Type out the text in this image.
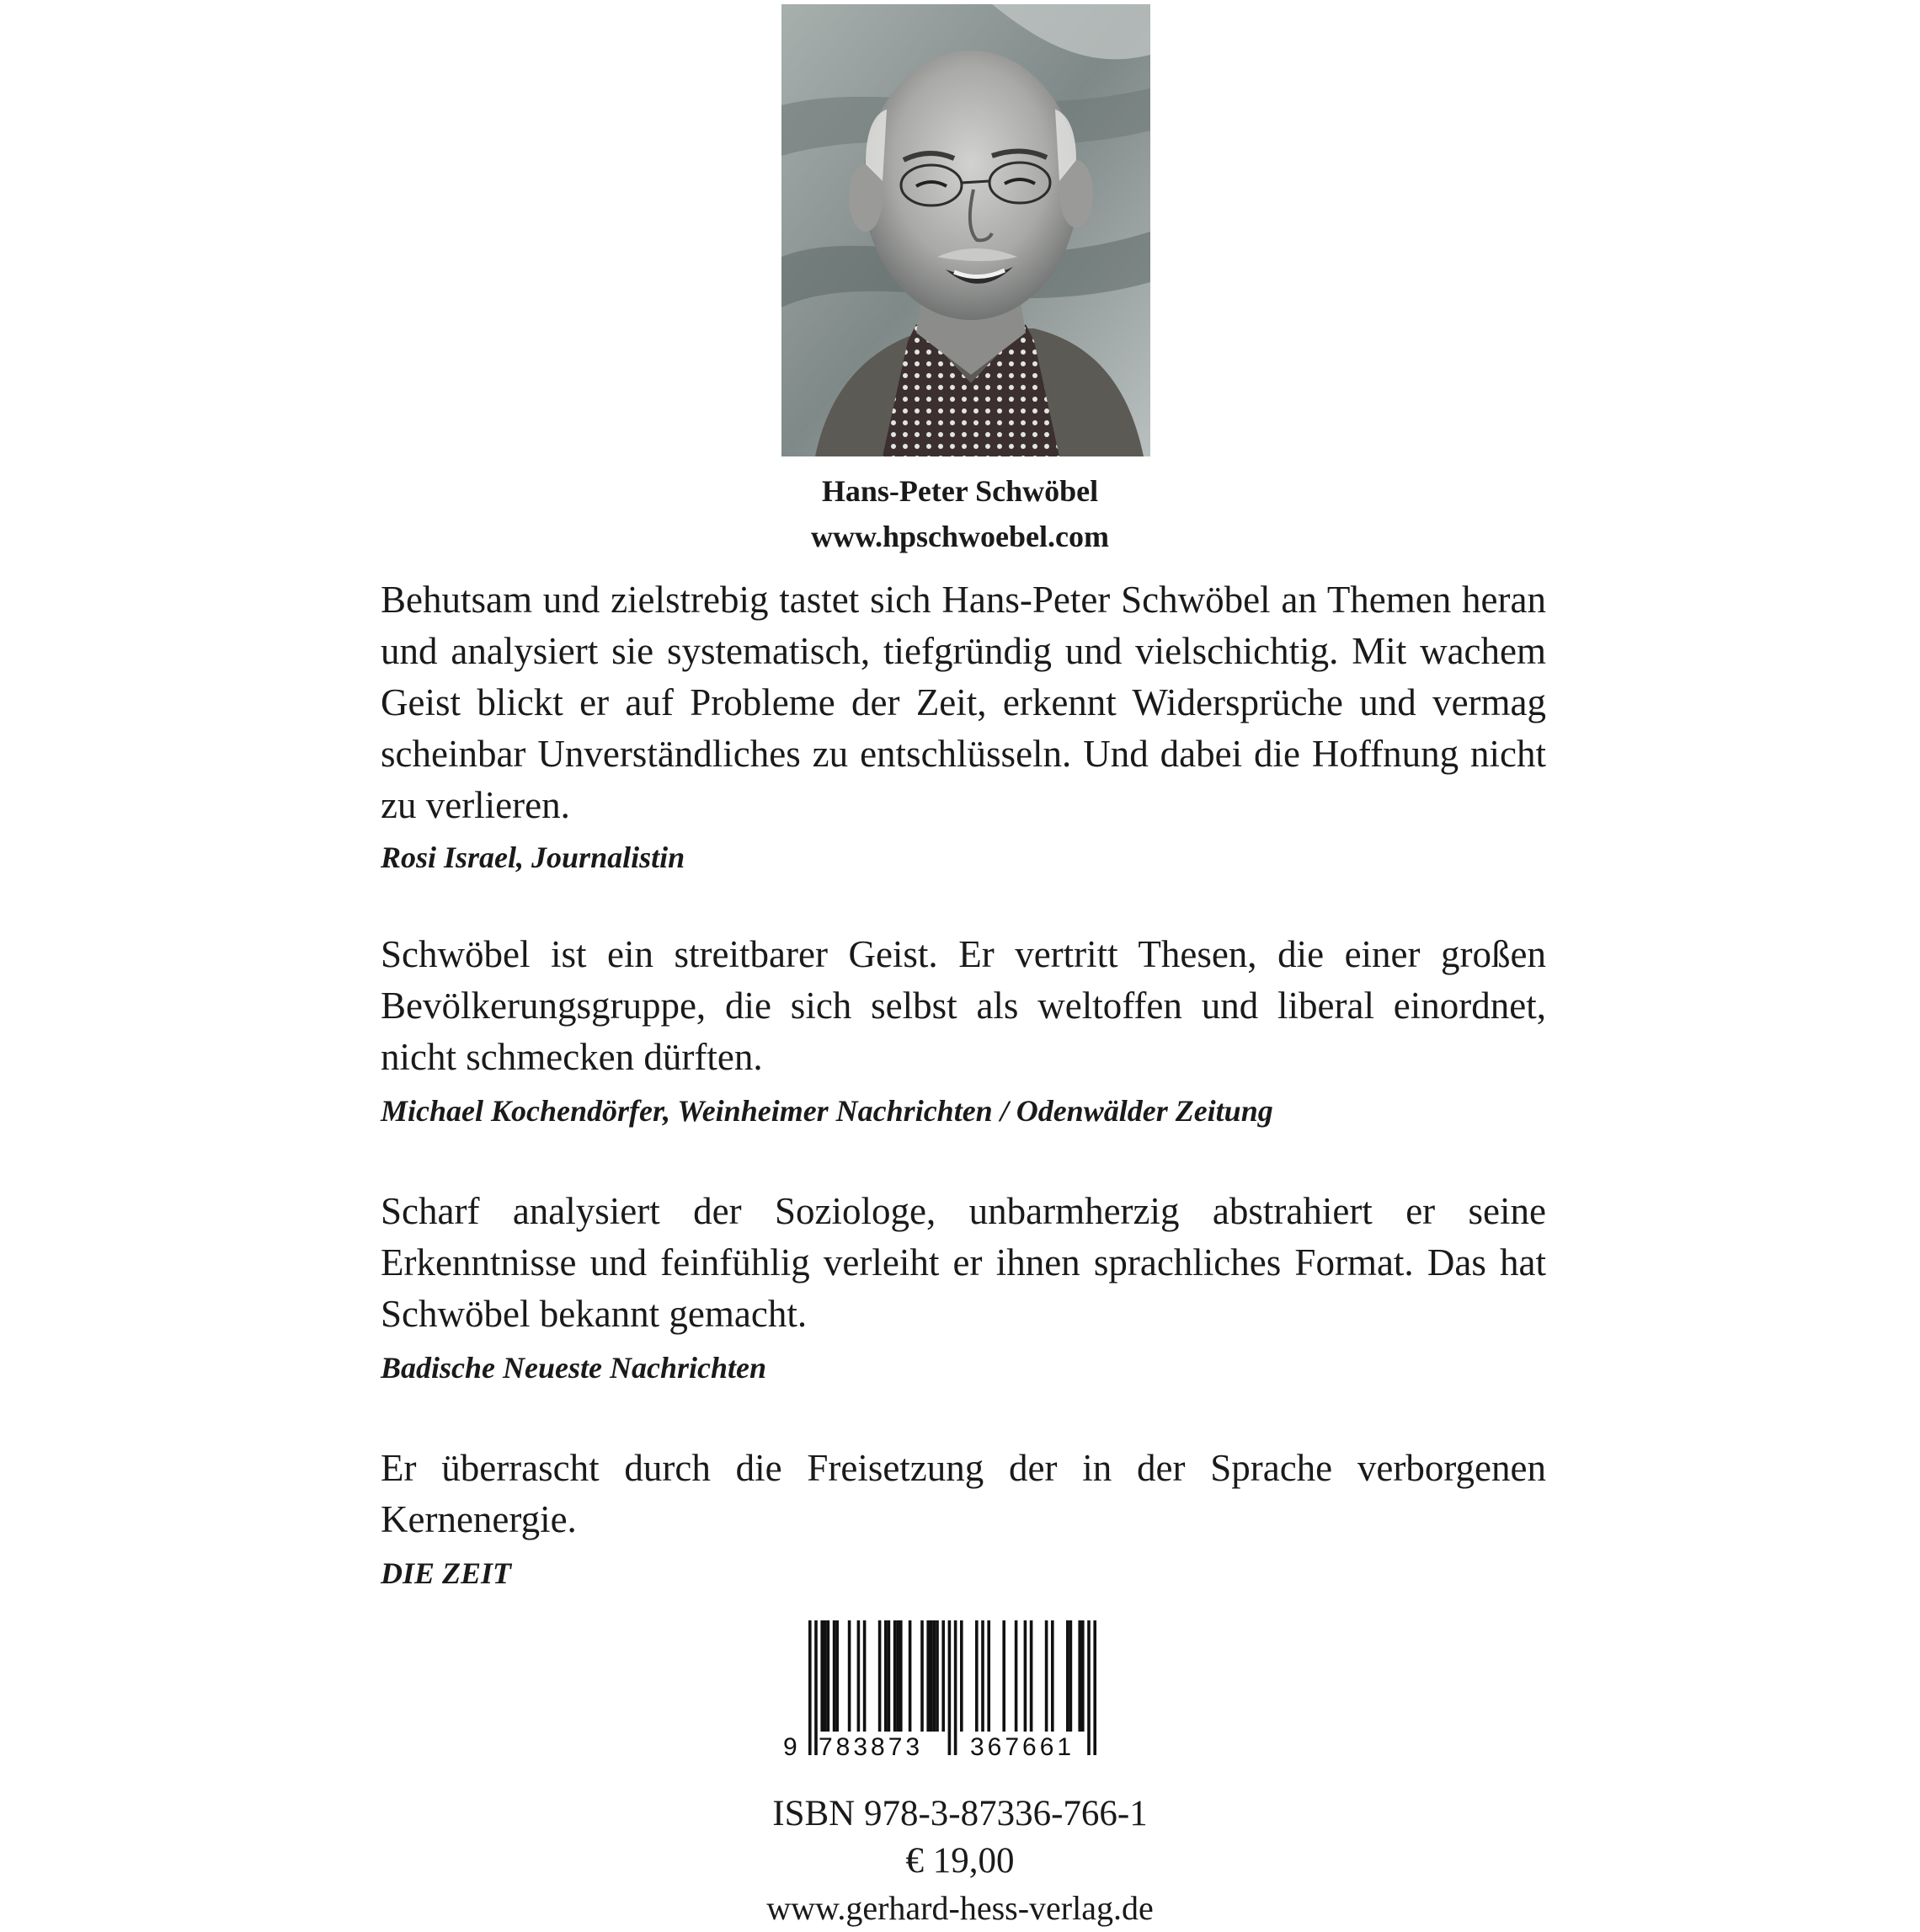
Hans-Peter Schwöbel
www.hpschwoebel.com

Behutsam und zielstrebig tastet sich Hans-Peter Schwöbel an Themen heran und analysiert sie systematisch, tiefgründig und vielschichtig. Mit wachem Geist blickt er auf Probleme der Zeit, erkennt Widersprüche und vermag scheinbar Unverständliches zu entschlüsseln. Und dabei die Hoffnung nicht zu verlieren.

Rosi Israel, Journalistin

Schwöbel ist ein streitbarer Geist. Er vertritt Thesen, die einer großen Bevölkerungsgruppe, die sich selbst als weltoffen und liberal einordnet, nicht schmecken dürften.

Michael Kochendörfer, Weinheimer Nachrichten / Odenwälder Zeitung

Scharf analysiert der Soziologe, unbarmherzig abstrahiert er seine Erkenntnisse und feinfühlig verleiht er ihnen sprachliches Format. Das hat Schwöbel bekannt gemacht.

Badische Neueste Nachrichten

Er überrascht durch die Freisetzung der in der Sprache verborgenen Kernenergie.

DIE ZEIT

9 783873 367661
ISBN 978-3-87336-766-1
€ 19,00
www.gerhard-hess-verlag.de
